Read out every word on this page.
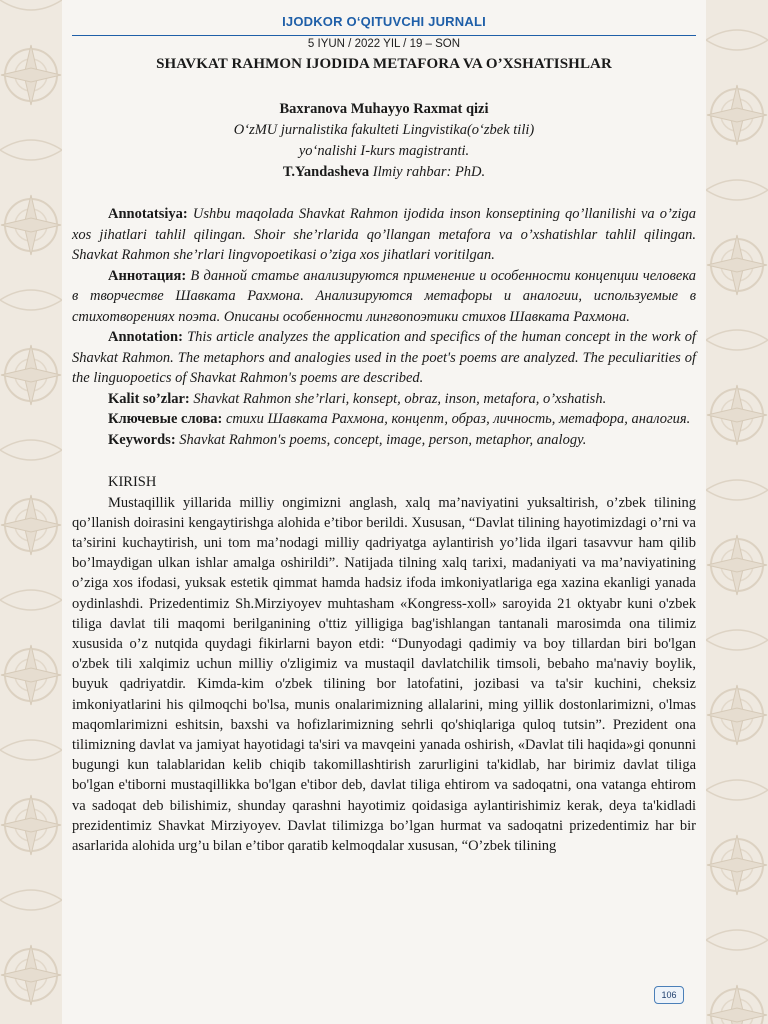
IJODKOR O‘QITUVCHI JURNALI
5 IYUN / 2022 YIL / 19 – SON
SHAVKAT RAHMON IJODIDA METAFORA VA O’XSHATISHLAR
Baxranova Muhayyo Raxmat qizi
O‘zMU jurnalistika fakulteti Lingvistika(o‘zbek tili)
yo‘nalishi I-kurs magistranti.
T.Yandasheva Ilmiy rahbar: PhD.

Annotatsiya: Ushbu maqolada Shavkat Rahmon ijodida inson konseptining qo’llanilishi va o’ziga xos jihatlari tahlil qilingan. Shoir she’rlarida qo’llangan metafora va o’xshatishlar tahlil qilingan. Shavkat Rahmon she’rlari lingvopoetikasi o’ziga xos jihatlari voritilgan.

Аннотация: В данной статье анализируются применение и особенности концепции человека в творчестве Шавката Рахмона. Анализируются метафоры и аналогии, используемые в стихотворениях поэта. Описаны особенности лингвопоэтики стихов Шавката Рахмона.

Annotation: This article analyzes the application and specifics of the human concept in the work of Shavkat Rahmon. The metaphors and analogies used in the poet's poems are analyzed. The peculiarities of the linguopoetics of Shavkat Rahmon's poems are described.

Kalit so’zlar: Shavkat Rahmon she’rlari, konsept, obraz, inson, metafora, o’xshatish.

Ключевые слова: стихи Шавката Рахмона, концепт, образ, личность, метафора, аналогия.

Keywords: Shavkat Rahmon's poems, concept, image, person, metaphor, analogy.

KIRISH

Mustaqillik yillarida milliy ongimizni anglash, xalq ma’naviyatini yuksaltirish, o’zbek tilining qo’llanish doirasini kengaytirishga alohida e’tibor berildi. Xususan, “Davlat tilining hayotimizdagi o’rni va ta’sirini kuchaytirish, uni tom ma’nodagi milliy qadriyatga aylantirish yo’lida ilgari tasavvur ham qilib bo’lmaydigan ulkan ishlar amalga oshirildi”. Natijada tilning xalq tarixi, madaniyati va ma’naviyatining o’ziga xos ifodasi, yuksak estetik qimmat hamda hadsiz ifoda imkoniyatlariga ega xazina ekanligi yanada oydinlashdi. Prizedentimiz Sh.Mirziyoyev muhtasham «Kongress-xoll» saroyida 21 oktyabr kuni o'zbek tiliga davlat tili maqomi berilganining o'ttiz yilligiga bag'ishlangan tantanali marosimda ona tilimiz xususida o’z nutqida quydagi fikirlarni bayon etdi: “Dunyodagi qadimiy va boy tillardan biri bo'lgan o'zbek tili xalqimiz uchun milliy o'zligimiz va mustaqil davlatchilik timsoli, bebaho ma'naviy boylik, buyuk qadriyatdir. Kimda-kim o'zbek tilining bor latofatini, jozibasi va ta'sir kuchini, cheksiz imkoniyatlarini his qilmoqchi bo'lsa, munis onalarimizning allalarini, ming yillik dostonlarimizni, o'lmas maqomlarimizni eshitsin, baxshi va hofizlarimizning sehrli qo'shiqlariga quloq tutsin”. Prezident ona tilimizning davlat va jamiyat hayotidagi ta'siri va mavqeini yanada oshirish, «Davlat tili haqida»gi qonunni bugungi kun talablaridan kelib chiqib takomillashtirish zarurligini ta'kidlab, har birimiz davlat tiliga bo'lgan e'tiborni mustaqillikka bo'lgan e'tibor deb, davlat tiliga ehtirom va sadoqatni, ona vatanga ehtirom va sadoqat deb bilishimiz, shunday qarashni hayotimiz qoidasiga aylantirishimiz kerak, deya ta'kidladi prezidentimiz Shavkat Mirziyoyev. Davlat tilimizga bo’lgan hurmat va sadoqatni prizedentimiz har bir asarlarida alohida urg’u bilan e’tibor qaratib kelmoqdalar xususan, “O’zbek tilining

106
